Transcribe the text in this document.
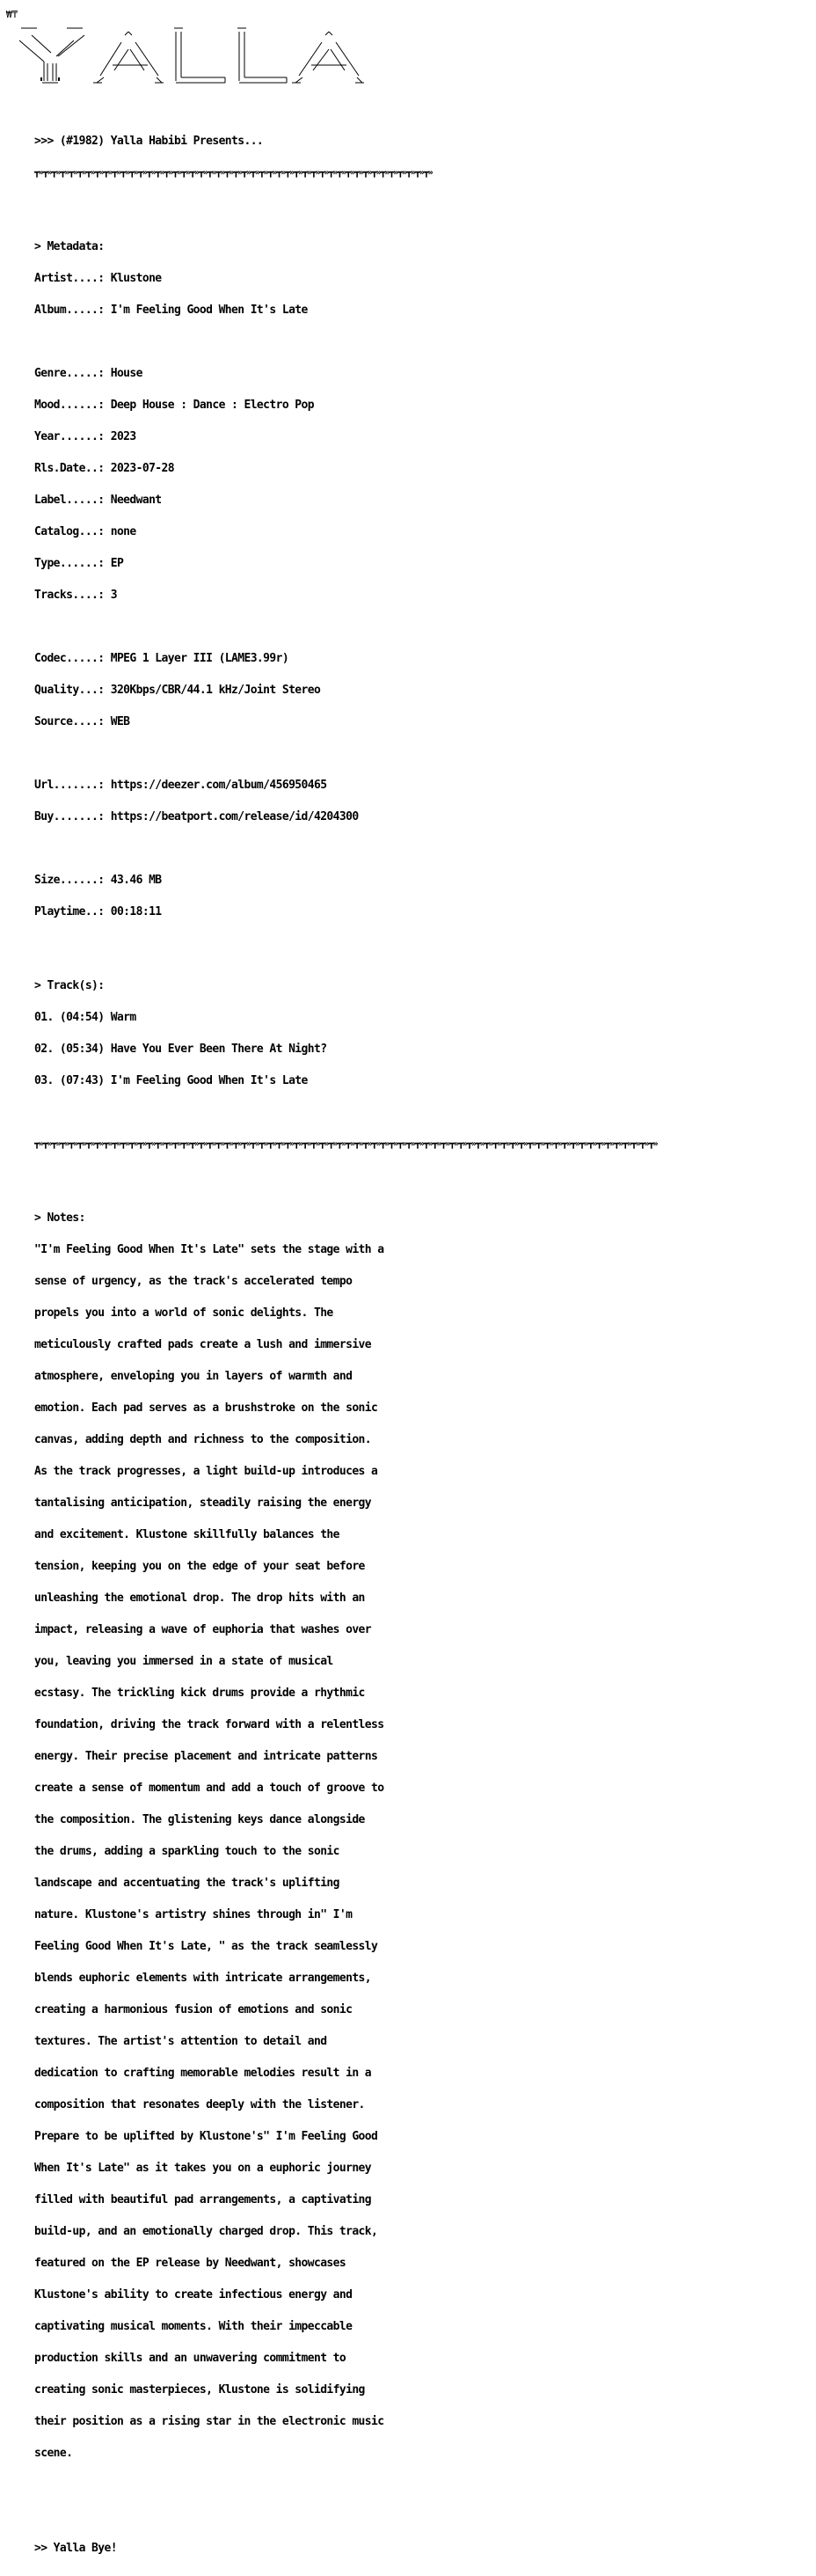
₩₸

>>> (#1982) Yalla Habibi Presents...

┳»┳»┳»┳»┳»┳»┳»┳»┳»┳»┳»┳»┳»┳»┳»┳»┳»┳»┳»┳»┳»┳»┳»┳»┳»┳»┳»┳»┳»┳»┳»┳»┳»┳»┳»┳»┳»┳»┳»┳»┳»┳»┳»┳»┳»┳»

> Metadata:

Artist....: Klustone

Album.....: I'm Feeling Good When It's Late

Genre.....: House

Mood......: Deep House : Dance : Electro Pop

Year......: 2023

Rls.Date..: 2023-07-28

Label.....: Needwant

Catalog...: none

Type......: EP

Tracks....: 3

Codec.....: MPEG 1 Layer III (LAME3.99r)

Quality...: 320Kbps/CBR/44.1 kHz/Joint Stereo

Source....: WEB

Url.......: https://deezer.com/album/456950465

Buy.......: https://beatport.com/release/id/4204300

Size......: 43.46 MB

Playtime..: 00:18:11

> Track(s):

01. (04:54) Warm

02. (05:34) Have You Ever Been There At Night?

03. (07:43) I'm Feeling Good When It's Late

┳»┳»┳»┳»┳»┳»┳»┳»┳»┳»┳»┳»┳»┳»┳»┳»┳»┳»┳»┳»┳»┳»┳»┳»┳»┳»┳»┳»┳»┳»┳»┳»┳»┳»┳»┳»┳»┳»┳»┳»┳»┳»┳»┳»┳»┳»┳»┳»┳»┳»┳»┳»┳»┳»┳»┳»┳»┳»┳»┳»┳»┳»┳»┳»┳»┳»┳»┳»┳»┳»┳»┳»

> Notes:

"I'm Feeling Good When It's Late" sets the stage with a

sense of urgency, as the track's accelerated tempo

propels you into a world of sonic delights. The

meticulously crafted pads create a lush and immersive

atmosphere, enveloping you in layers of warmth and

emotion. Each pad serves as a brushstroke on the sonic

canvas, adding depth and richness to the composition.

As the track progresses, a light build-up introduces a

tantalising anticipation, steadily raising the energy

and excitement. Klustone skillfully balances the

tension, keeping you on the edge of your seat before

unleashing the emotional drop. The drop hits with an

impact, releasing a wave of euphoria that washes over

you, leaving you immersed in a state of musical

ecstasy. The trickling kick drums provide a rhythmic

foundation, driving the track forward with a relentless

energy. Their precise placement and intricate patterns

create a sense of momentum and add a touch of groove to

the composition. The glistening keys dance alongside

the drums, adding a sparkling touch to the sonic

landscape and accentuating the track's uplifting

nature. Klustone's artistry shines through in" I'm

Feeling Good When It's Late, " as the track seamlessly

blends euphoric elements with intricate arrangements,

creating a harmonious fusion of emotions and sonic

textures. The artist's attention to detail and

dedication to crafting memorable melodies result in a

composition that resonates deeply with the listener.

Prepare to be uplifted by Klustone's" I'm Feeling Good

When It's Late" as it takes you on a euphoric journey

filled with beautiful pad arrangements, a captivating

build-up, and an emotionally charged drop. This track,

featured on the EP release by Needwant, showcases

Klustone's ability to create infectious energy and

captivating musical moments. With their impeccable

production skills and an unwavering commitment to

creating sonic masterpieces, Klustone is solidifying

their position as a rising star in the electronic music

scene.

>> Yalla Bye!
